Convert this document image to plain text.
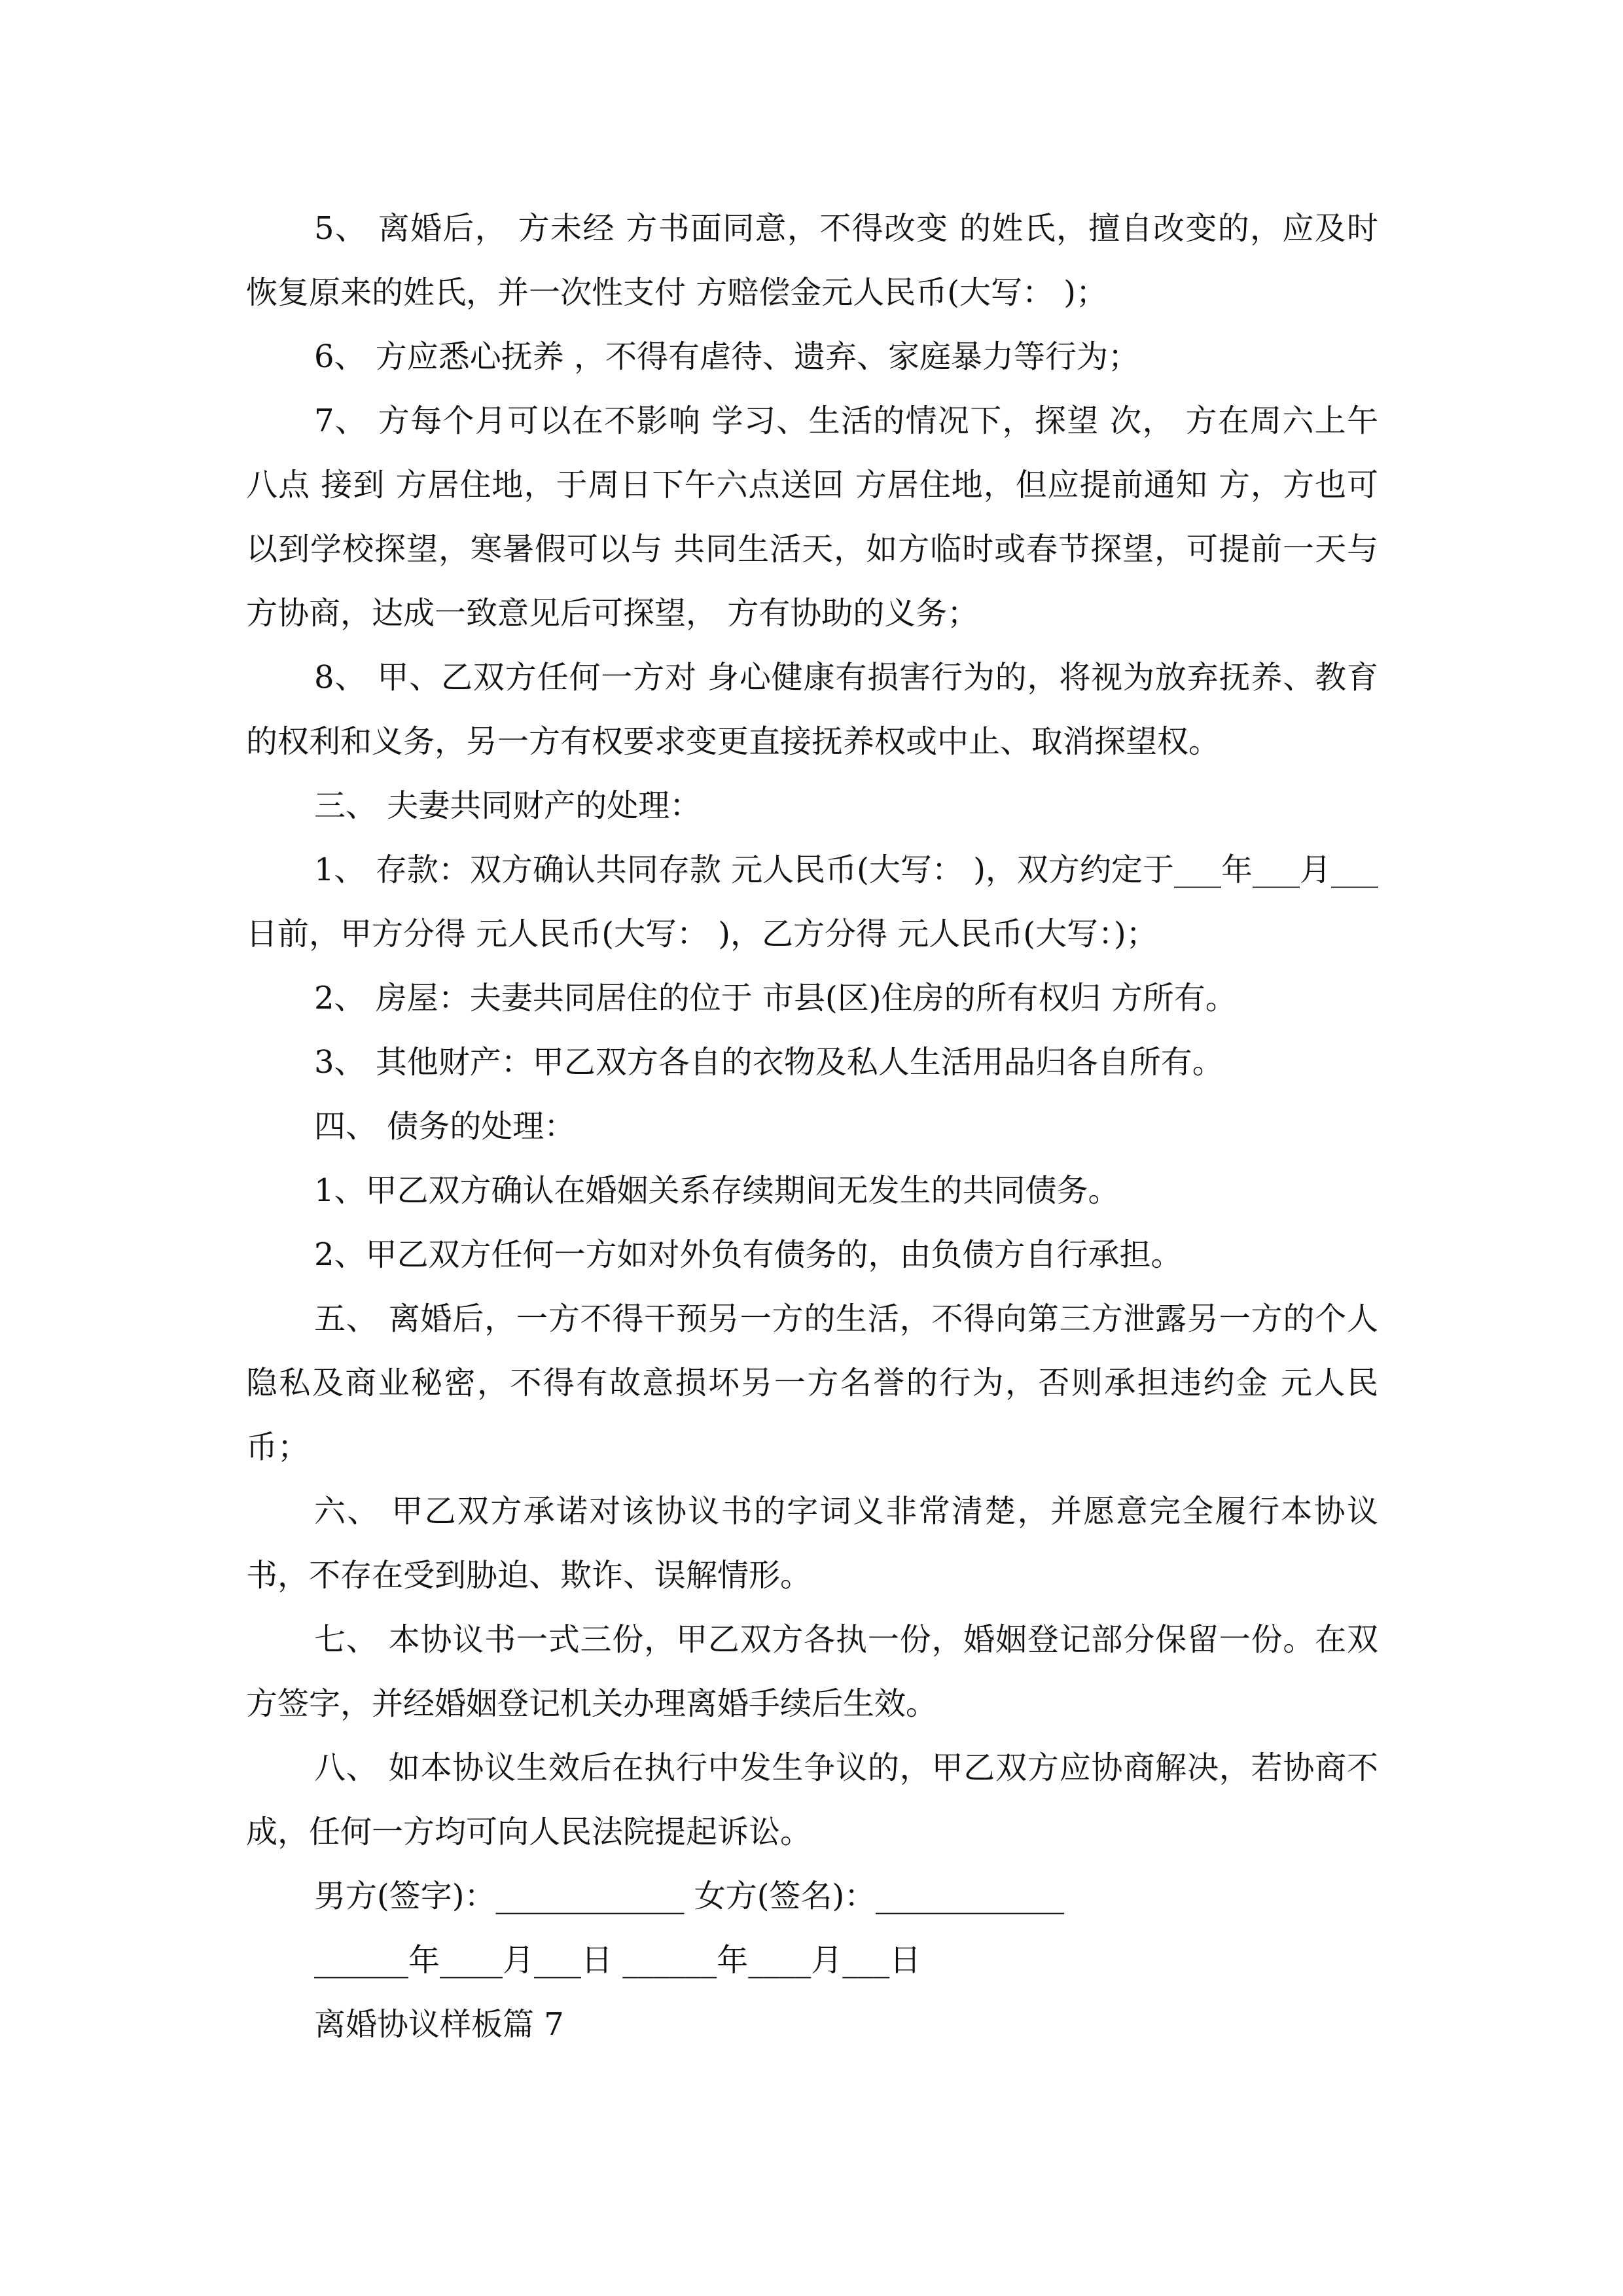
5、 离婚后， 方未经 方书面同意，不得改变 的姓氏，擅自改变的，应及时恢复原来的姓氏，并一次性支付 方赔偿金元人民币(大写： )；

6、 方应悉心抚养 ，不得有虐待、遗弃、家庭暴力等行为；

7、 方每个月可以在不影响 学习、生活的情况下，探望 次， 方在周六上午八点 接到 方居住地，于周日下午六点送回 方居住地，但应提前通知 方，方也可以到学校探望，寒暑假可以与 共同生活天，如方临时或春节探望，可提前一天与 方协商，达成一致意见后可探望， 方有协助的义务；

8、 甲、乙双方任何一方对 身心健康有损害行为的，将视为放弃抚养、教育的权利和义务，另一方有权要求变更直接抚养权或中止、取消探望权。

三、 夫妻共同财产的处理：

1、 存款：双方确认共同存款 元人民币(大写： )，双方约定于___年___月___日前，甲方分得 元人民币(大写： )，乙方分得 元人民币(大写：)；

2、 房屋：夫妻共同居住的位于 市县(区)住房的所有权归 方所有。

3、 其他财产：甲乙双方各自的衣物及私人生活用品归各自所有。

四、 债务的处理：

1、甲乙双方确认在婚姻关系存续期间无发生的共同债务。

2、甲乙双方任何一方如对外负有债务的，由负债方自行承担。

五、 离婚后，一方不得干预另一方的生活，不得向第三方泄露另一方的个人隐私及商业秘密，不得有故意损坏另一方名誉的行为，否则承担违约金 元人民币；

六、 甲乙双方承诺对该协议书的字词义非常清楚，并愿意完全履行本协议书，不存在受到胁迫、欺诈、误解情形。

七、 本协议书一式三份，甲乙双方各执一份，婚姻登记部分保留一份。在双方签字，并经婚姻登记机关办理离婚手续后生效。

八、 如本协议生效后在执行中发生争议的，甲乙双方应协商解决，若协商不成，任何一方均可向人民法院提起诉讼。

男方(签字)：____________ 女方(签名)：____________

______年____月___日 ______年____月___日

离婚协议样板篇 7
